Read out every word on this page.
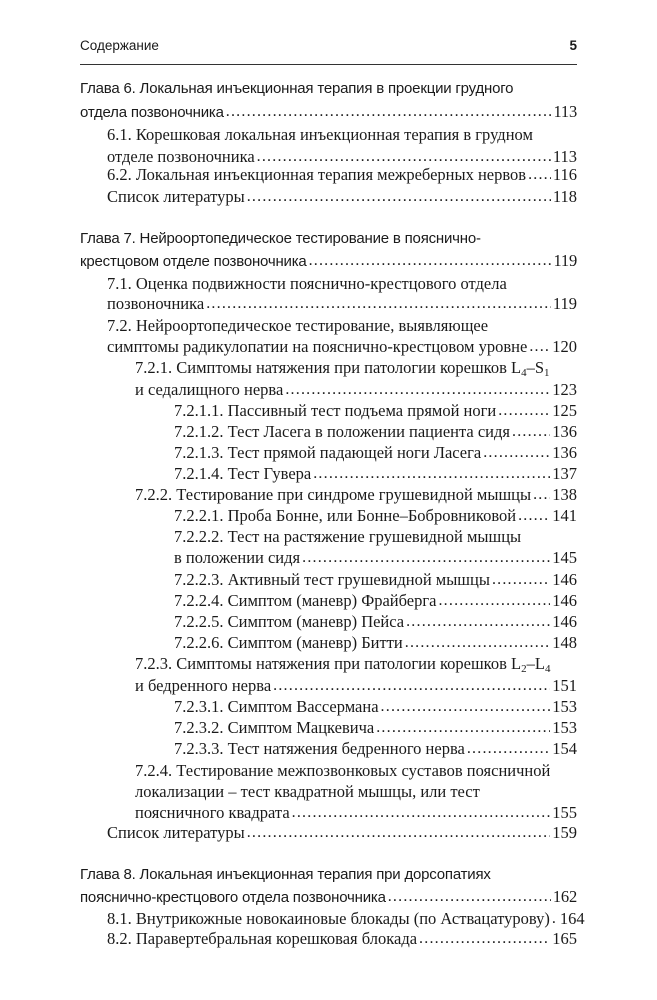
Содержание	5
Глава 6. Локальная инъекционная терапия в проекции грудного
отдела позвоночника . . .	113
6.1. Корешковая локальная инъекционная терапия в грудном
отделе позвоночника . . .	113
6.2. Локальная инъекционная терапия межреберных нервов . . . 116
Список литературы . . .	118
Глава 7. Нейроортопедическое тестирование в пояснично-
крестцовом отделе позвоночника . . .	119
7.1. Оценка подвижности пояснично-крестцового отдела
позвоночника . . .	119
7.2. Нейроортопедическое тестирование, выявляющее
симптомы радикулопатии на пояснично-крестцовом уровне . . . 120
7.2.1. Симптомы натяжения при патологии корешков $L_4-S_1$
и седалищного нерва . . .	123
7.2.1.1. Пассивный тест подъема прямой ноги . . .	125
7.2.1.2. Тест Ласега в положении пациента сидя . . .	136
7.2.1.3. Тест прямой падающей ноги Ласега . . .	136
7.2.1.4. Тест Гувера . . .	137
7.2.2. Тестирование при синдроме грушевидной мышцы . . . 138
7.2.2.1. Проба Бонне, или Бонне–Бобровниковой . . . 141
7.2.2.2. Тест на растяжение грушевидной мышцы
в положении сидя . . .	145
7.2.2.3. Активный тест грушевидной мышцы . . .	146
7.2.2.4. Симптом (маневр) Фрайберга . . .	146
7.2.2.5. Симптом (маневр) Пейса . . .	146
7.2.2.6. Симптом (маневр) Битти . . .	148
7.2.3. Симптомы натяжения при патологии корешков $L_2-L_4$
и бедренного нерва . . .	151
7.2.3.1. Симптом Вассермана . . .	153
7.2.3.2. Симптом Мацкевича . . .	153
7.2.3.3. Тест натяжения бедренного нерва . . .	154
7.2.4. Тестирование межпозвонковых суставов поясничной
локализации – тест квадратной мышцы, или тест
поясничного квадрата . . .	155
Список литературы . . .	159
Глава 8. Локальная инъекционная терапия при дорсопатиях
пояснично-крестцового отдела позвоночника . . .	162
8.1. Внутрикожные новокаиновые блокады (по Аствацатурову) . . . 164
8.2. Паравертебральная корешковая блокада . . .	165
